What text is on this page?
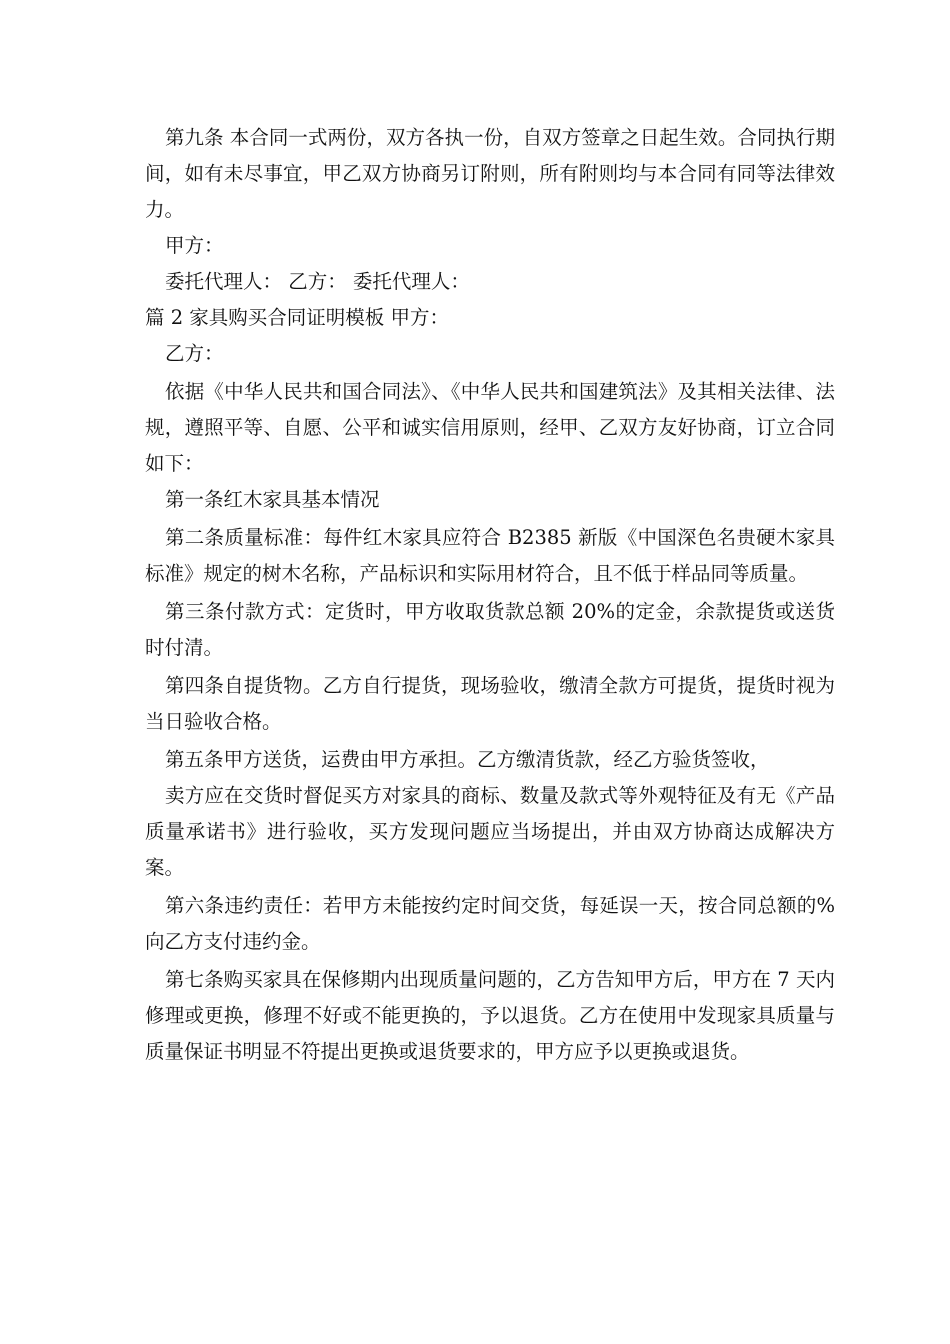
第九条 本合同一式两份，双方各执一份，自双方签章之日起生效。合同执行期间，如有未尽事宜，甲乙双方协商另订附则，所有附则均与本合同有同等法律效力。

甲方：

委托代理人： 乙方： 委托代理人：

篇 2 家具购买合同证明模板 甲方：

乙方：

依据《中华人民共和国合同法》、《中华人民共和国建筑法》及其相关法律、法规，遵照平等、自愿、公平和诚实信用原则，经甲、乙双方友好协商，订立合同如下：

第一条红木家具基本情况

第二条质量标准：每件红木家具应符合 B2385 新版《中国深色名贵硬木家具标准》规定的树木名称，产品标识和实际用材符合，且不低于样品同等质量。

第三条付款方式：定货时，甲方收取货款总额 20%的定金，余款提货或送货时付清。

第四条自提货物。乙方自行提货，现场验收，缴清全款方可提货，提货时视为当日验收合格。

第五条甲方送货，运费由甲方承担。乙方缴清货款，经乙方验货签收，

卖方应在交货时督促买方对家具的商标、数量及款式等外观特征及有无《产品质量承诺书》进行验收，买方发现问题应当场提出，并由双方协商达成解决方案。

第六条违约责任：若甲方未能按约定时间交货，每延误一天，按合同总额的%向乙方支付违约金。

第七条购买家具在保修期内出现质量问题的，乙方告知甲方后，甲方在 7 天内修理或更换，修理不好或不能更换的，予以退货。乙方在使用中发现家具质量与质量保证书明显不符提出更换或退货要求的，甲方应予以更换或退货。
